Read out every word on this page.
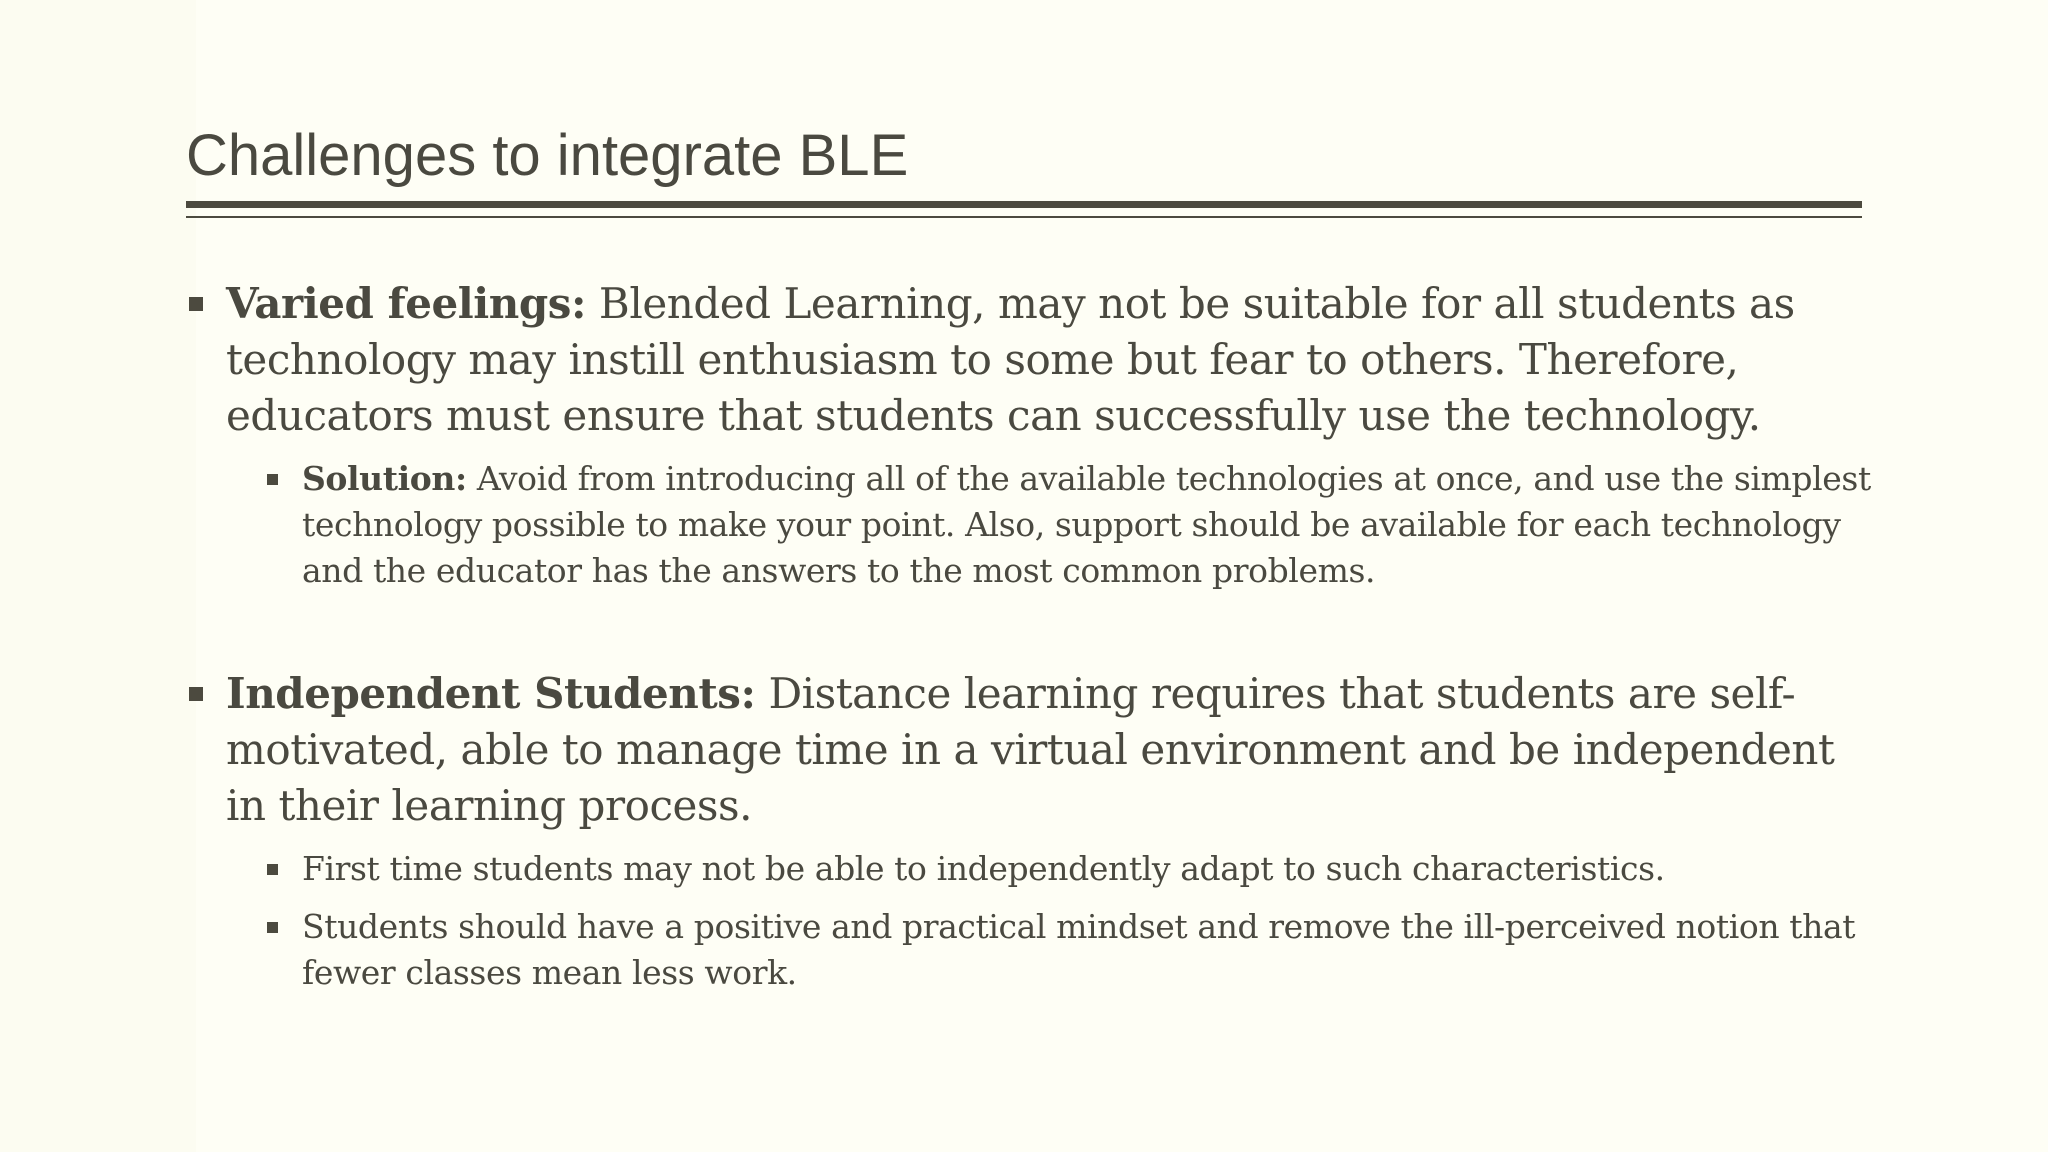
Challenges to integrate BLE
Varied feelings: Blended Learning, may not be suitable for all students as technology may instill enthusiasm to some but fear to others. Therefore, educators must ensure that students can successfully use the technology.
Solution: Avoid from introducing all of the available technologies at once, and use the simplest technology possible to make your point. Also, support should be available for each technology and the educator has the answers to the most common problems.
Independent Students: Distance learning requires that students are self-motivated, able to manage time in a virtual environment and be independent in their learning process.
First time students may not be able to independently adapt to such characteristics.
Students should have a positive and practical mindset and remove the ill-perceived notion that fewer classes mean less work.
